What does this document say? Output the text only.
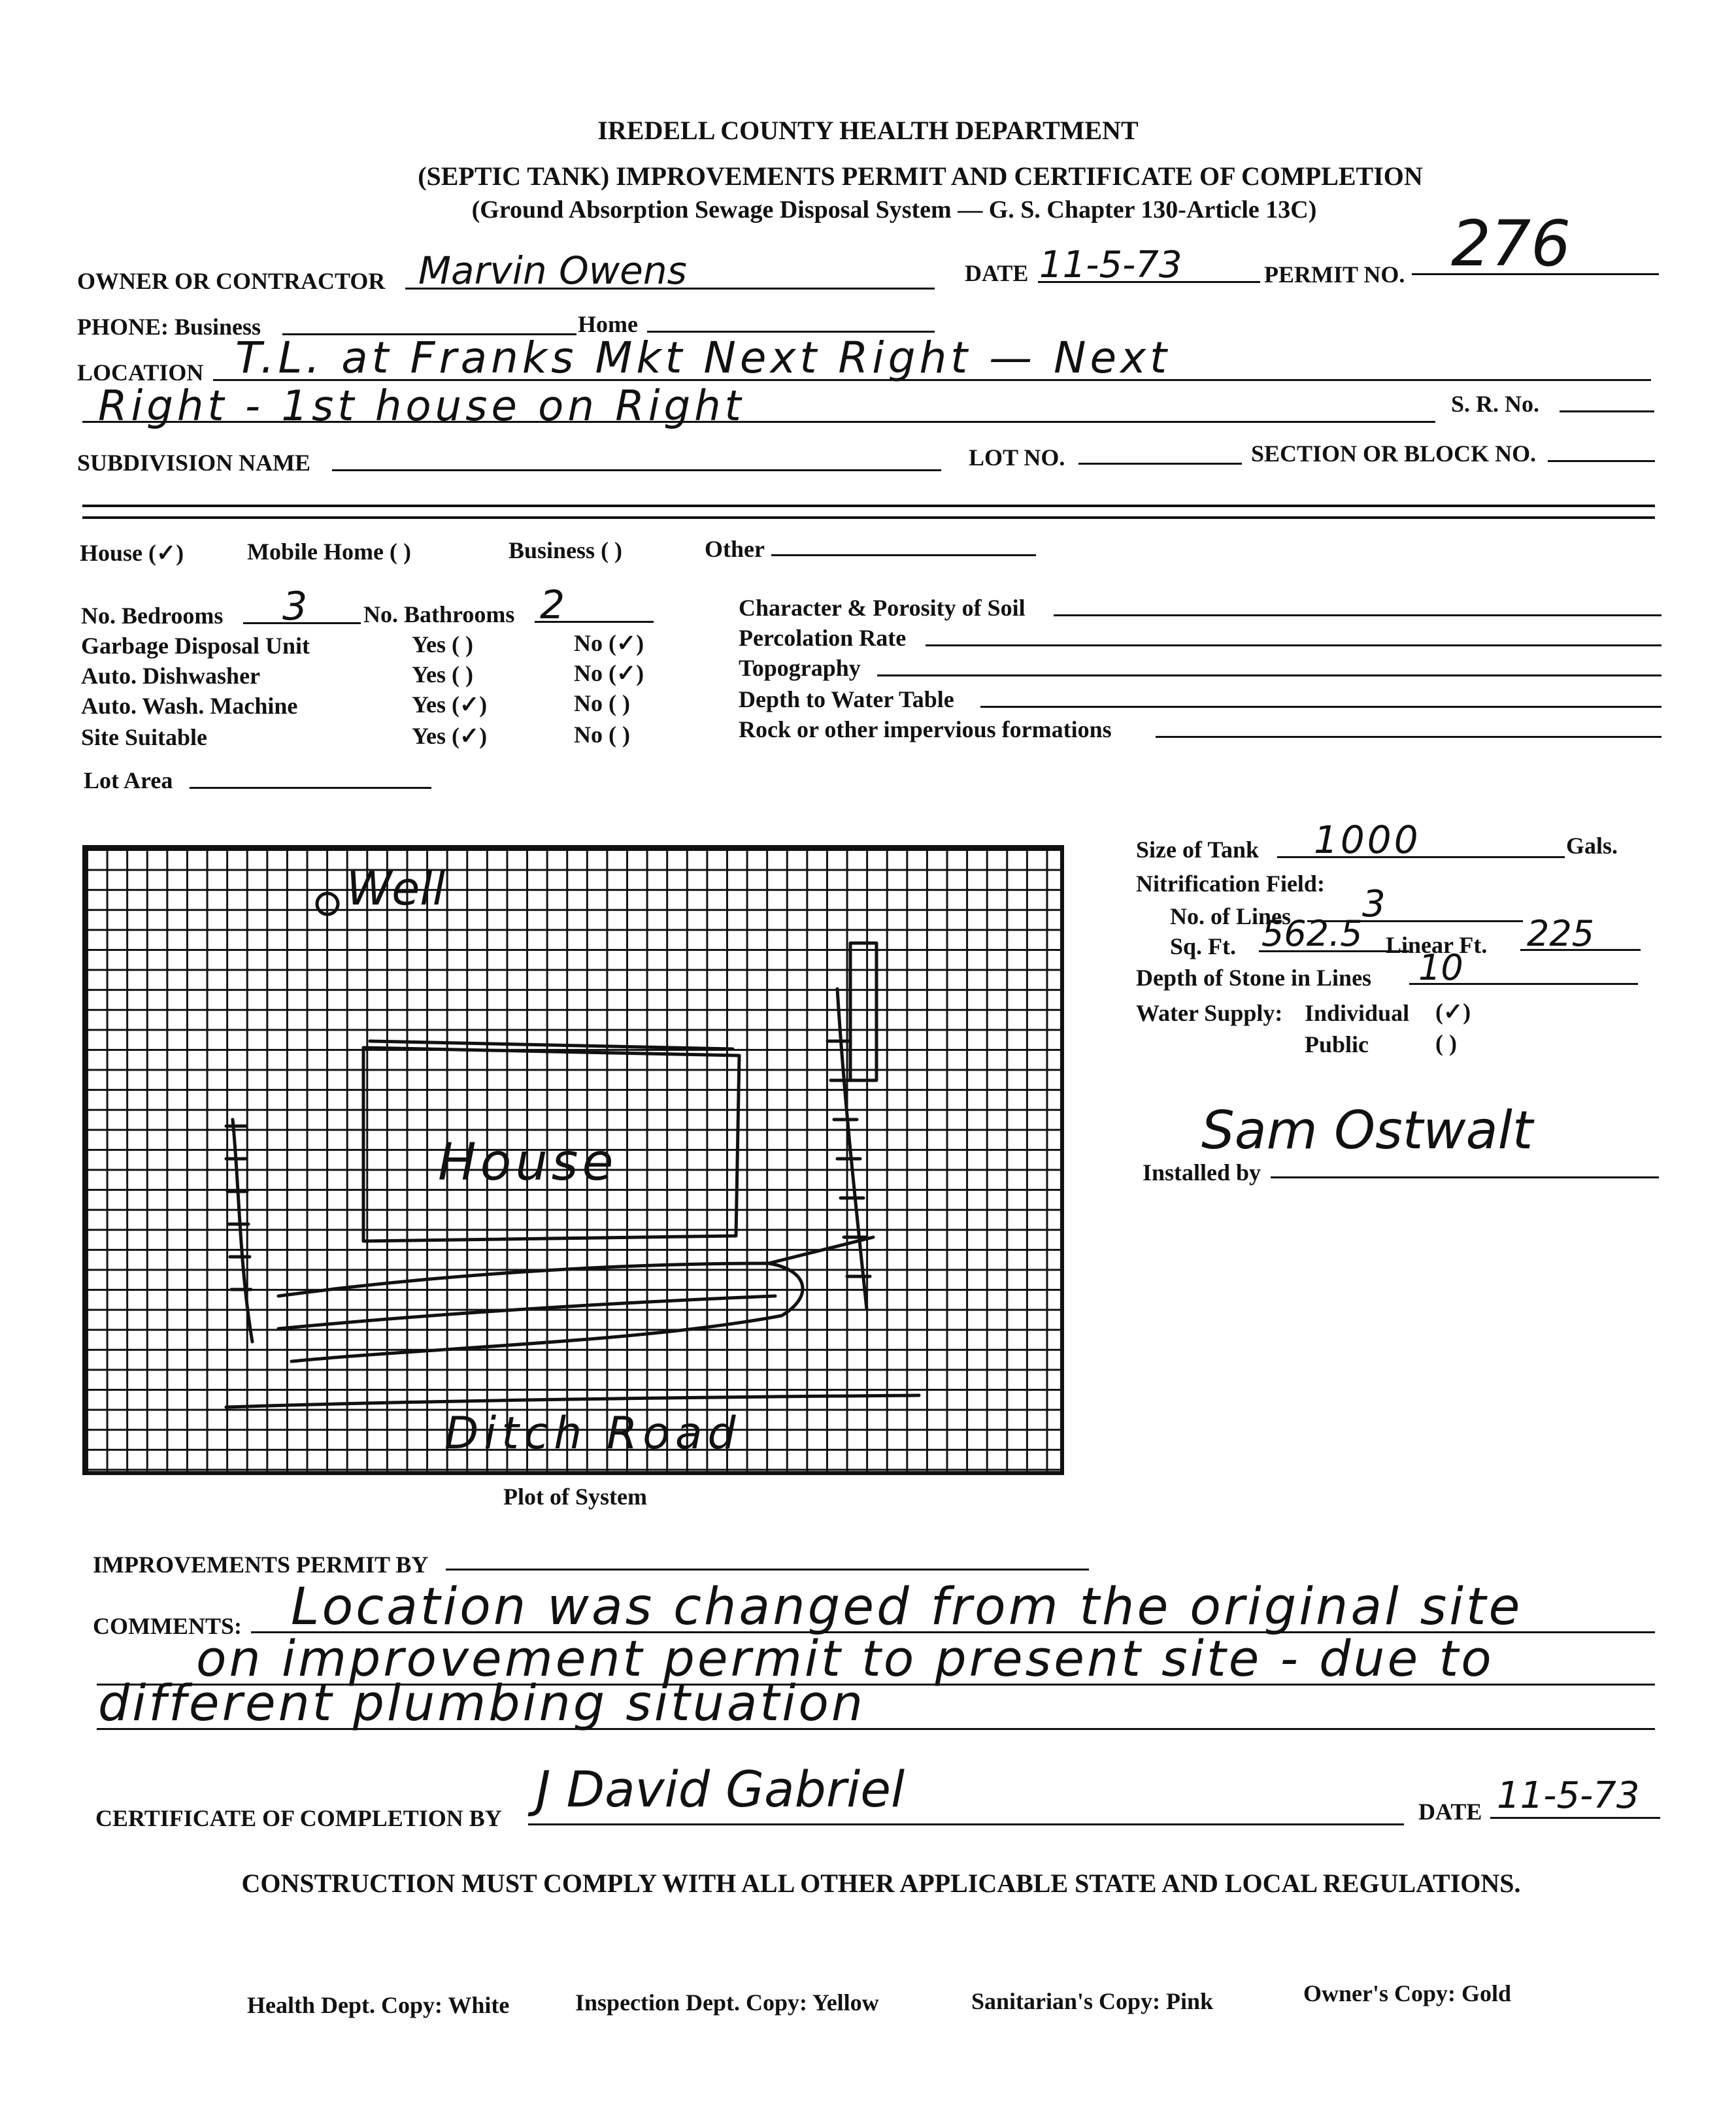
IREDELL COUNTY HEALTH DEPARTMENT
(SEPTIC TANK) IMPROVEMENTS PERMIT AND CERTIFICATE OF COMPLETION
(Ground Absorption Sewage Disposal System — G. S. Chapter 130-Article 13C)
OWNER OR CONTRACTOR Marvin Owens	DATE 11-5-73	PERMIT NO. 276
PHONE: Business	Home
LOCATION T.L. at Franks Mkt Next Right — Next
Right - 1st house on Right	S. R. No.
SUBDIVISION NAME	LOT NO.	SECTION OR BLOCK NO.
House (✓)	Mobile Home ( )	Business ( )	Other
No. Bedrooms 3 No. Bathrooms 2
Garbage Disposal Unit	Yes ( )	No (✓)
Auto. Dishwasher	Yes ( )	No (✓)
Auto. Wash. Machine	Yes (✓)	No ( )
Site Suitable	Yes (✓)	No ( )
Lot Area
Character & Porosity of Soil
Percolation Rate
Topography
Depth to Water Table
Rock or other impervious formations
Well
House
Ditch Road
Plot of System
Size of Tank 1000	Gals.
Nitrification Field:
No. of Lines 3
Sq. Ft. 562.5 Linear Ft. 225
Depth of Stone in Lines 10
Water Supply: Individual (✓)
Public	( )
Installed by
Sam Ostwalt
IMPROVEMENTS PERMIT BY
COMMENTS: Location was changed from the original site
on improvement permit to present site - due to
different plumbing situation
CERTIFICATE OF COMPLETION BY J David Gabriel	DATE 11-5-73
CONSTRUCTION MUST COMPLY WITH ALL OTHER APPLICABLE STATE AND LOCAL REGULATIONS.
Health Dept. Copy: White	Inspection Dept. Copy: Yellow	Sanitarian's Copy: Pink	Owner's Copy: Gold
